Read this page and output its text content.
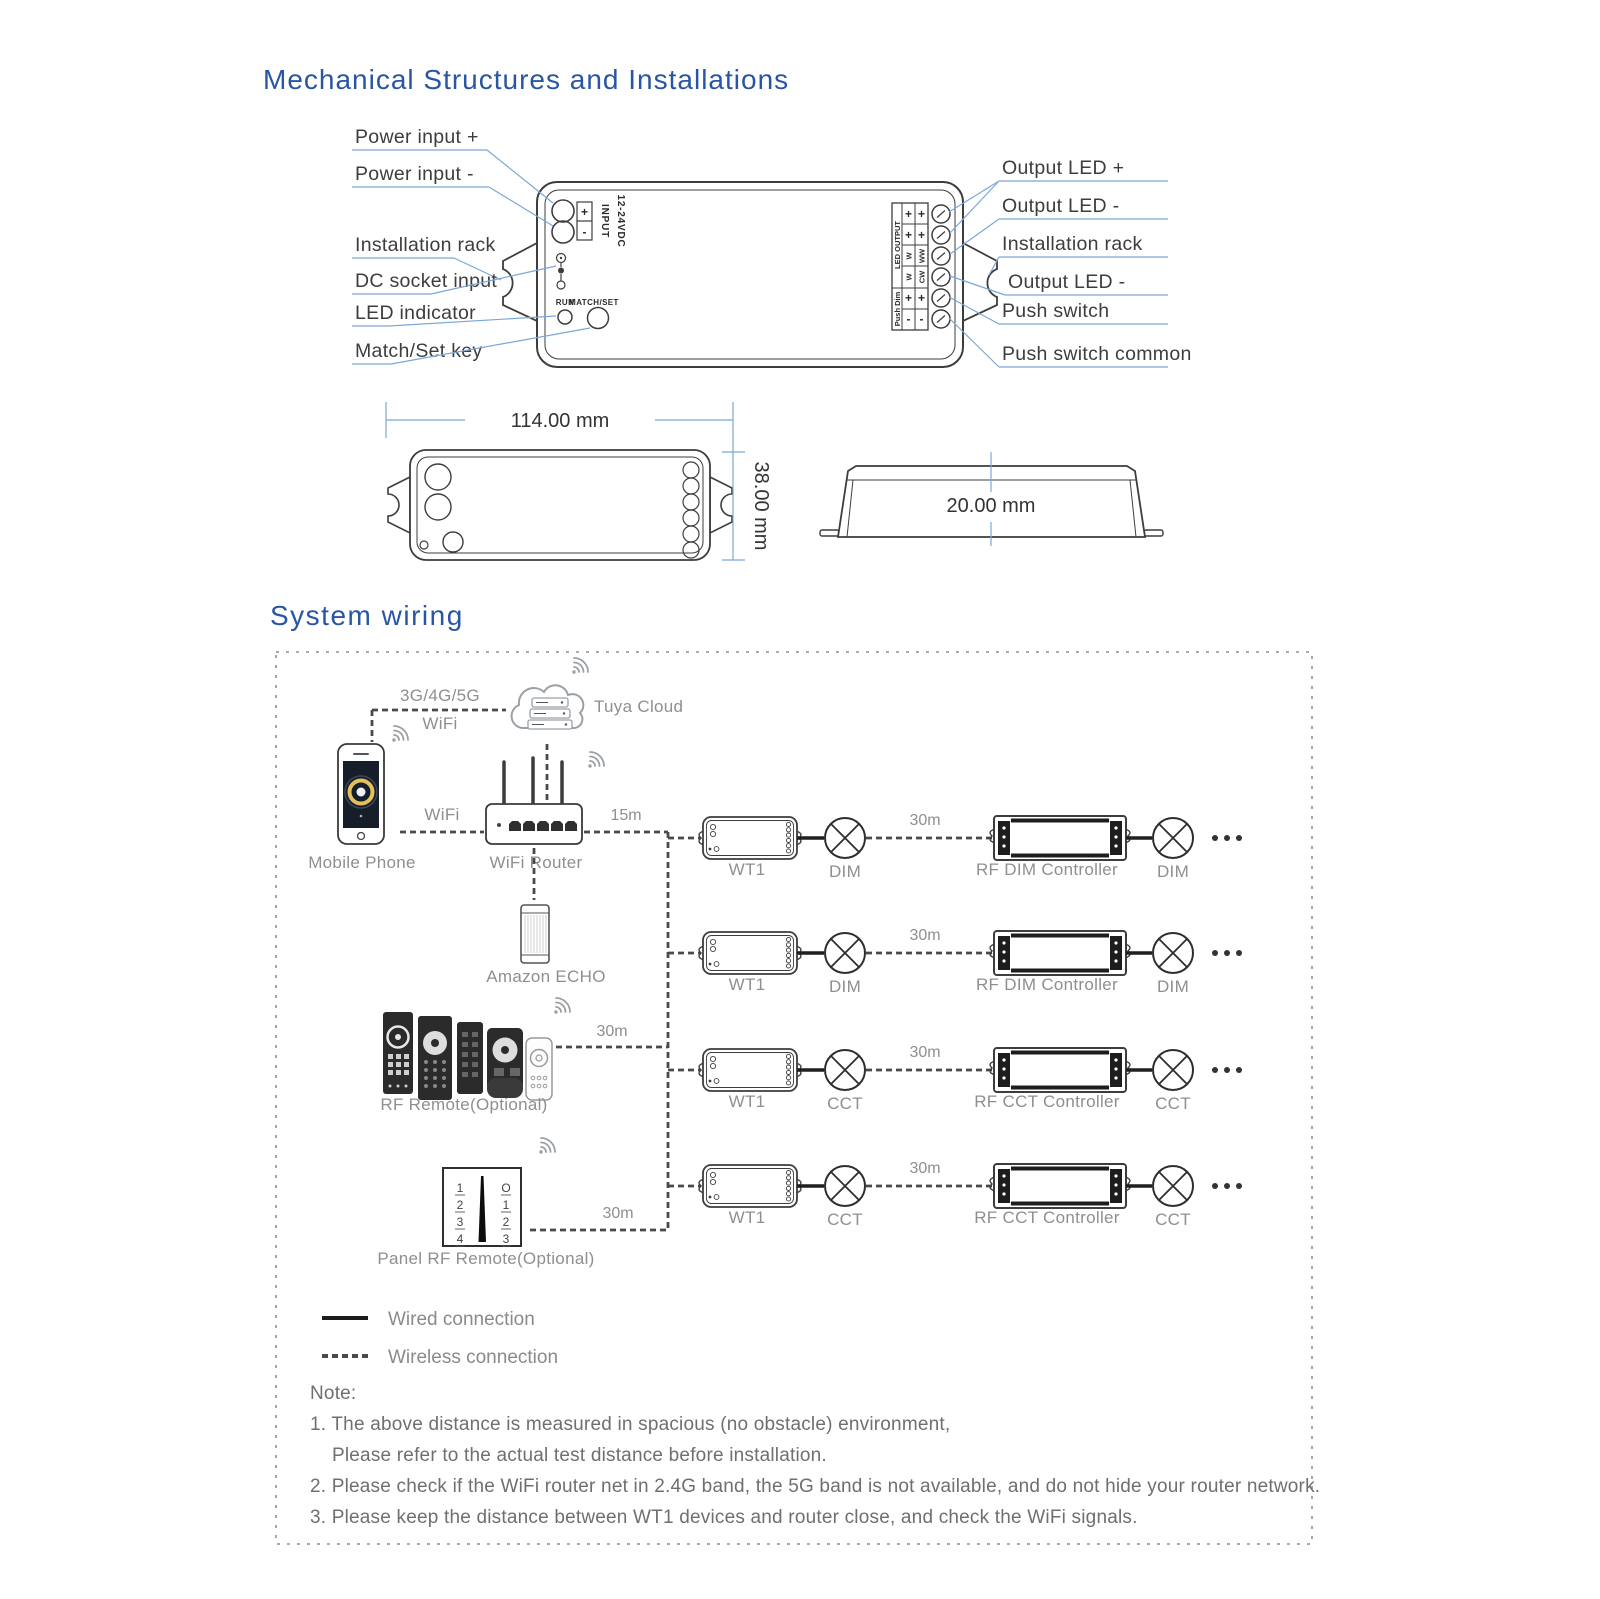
Mechanical Structures and Installations
System wiring
+
- INPUT 12-24VDC
RUN
MATCH/SET
LED OUTPUT
Push Dim
+ +
+ +
W WW
W CW
+ +
- -
Power input +
Power input -
Installation rack
DC socket input
LED indicator
Match/Set key
Output LED +
Output LED -
Installation rack
Output LED -
Push switch
Push switch common
114.00 mm
38.00 mm	20.00 mm
3G/4G/5G
WiFi
Tuya Cloud
Mobile Phone
WiFi
WiFi Router
Amazon ECHO
RF Remote(Optional)
30m
1
2
3
4
O
1
2
3
Panel RF Remote(Optional)
30m
15m	30m
WT1	DIM	RF DIM Controller DIM
30m
WT1	DIM	RF DIM Controller DIM
30m
WT1	CCT	RF CCT Controller CCT
30m
WT1	CCT	RF CCT Controller CCT
Wired connection
Wireless connection
Note:
1. The above distance is measured in spacious (no obstacle) environment,
Please refer to the actual test distance before installation.
2. Please check if the WiFi router net in 2.4G band, the 5G band is not available, and do not hide your router network.
3. Please keep the distance between WT1 devices and router close, and check the WiFi signals.
